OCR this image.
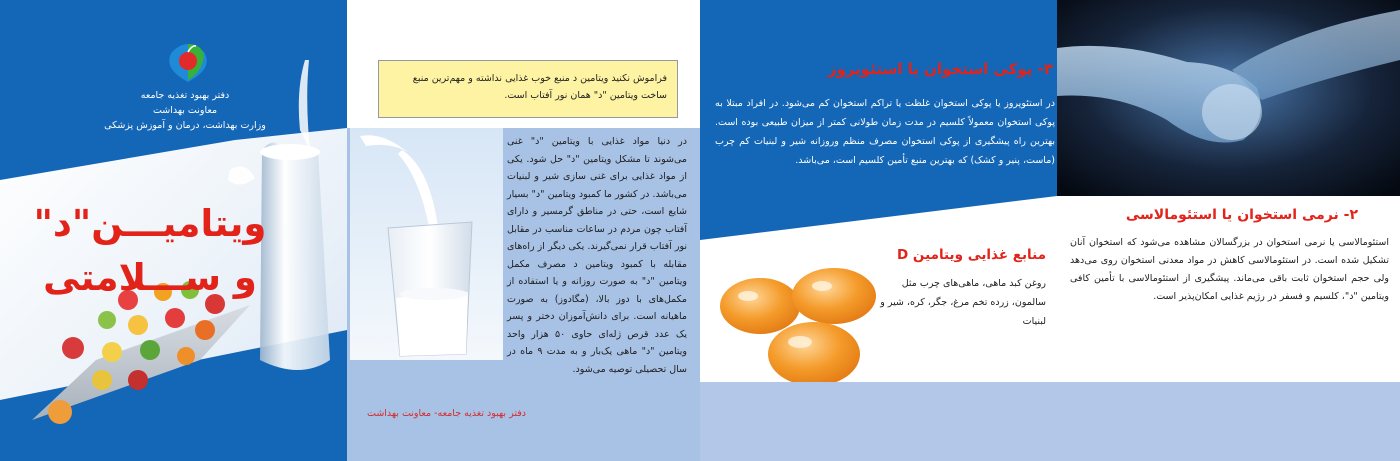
دفتر بهبود تغذیه جامعه
معاونت بهداشت
وزارت بهداشت، درمان و آموزش پزشکی
ویتامیـــن"د"
و ســـلامتی
فراموش نکنید ویتامین د منبع خوب غذایی نداشته و مهم‌ترین منبع ساخت ویتامین "د" همان نور آفتاب است.

در دنیا مواد غذایی با ویتامین "د" غنی می‌شوند تا مشکل ویتامین "د" حل شود. یکی از مواد غذایی برای غنی سازی شیر و لبنیات می‌باشد. در کشور ما کمبود ویتامین "د" بسیار شایع است، حتی در مناطق گرمسیر و دارای آفتاب چون مردم در ساعات مناسب در مقابل نور آفتاب قرار نمی‌گیرند. یکی دیگر از راه‌های مقابله با کمبود ویتامین د مصرف مکمل ویتامین "د" به صورت روزانه و یا استفاده از مکمل‌های با دوز بالا، (مگادوز) به صورت ماهیانه است. برای دانش‌آموزان دختر و پسر یک عدد قرص ژله‌ای حاوی ۵۰ هزار واحد ویتامین "د" ماهی یک‌بار و به مدت ۹ ماه در سال تحصیلی توصیه می‌شود.

دفتر بهبود تغذیه جامعه- معاونت بهداشت
۳- پوکی استخوان یا استئوپروز
در استئوپروز یا پوکی استخوان غلظت یا تراکم استخوان کم می‌شود. در افراد مبتلا به پوکی استخوان معمولاً کلسیم در مدت زمان طولانی کمتر از میزان طبیعی بوده است. بهترین راه پیشگیری از پوکی استخوان مصرف منظم وروزانه شیر و لبنیات کم چرب (ماست، پنیر و کشک) که بهترین منبع تأمین کلسیم است، می‌باشد.
۲- نرمی استخوان یا استئومالاسی
استئومالاسی یا نرمی استخوان در بزرگسالان مشاهده می‌شود که استخوان آنان تشکیل شده است. در استئومالاسی کاهش در مواد معدنی استخوان روی می‌دهد ولی حجم استخوان ثابت باقی می‌ماند. پیشگیری از استئومالاسی با تأمین کافی ویتامین "د"، کلسیم و فسفر در رژیم غذایی امکان‌پذیر است.
منابع غذایی ویتامین D
روغن کبد ماهی، ماهی‌های چرب مثل سالمون، زرده تخم مرغ، جگر، کره، شیر و لبنیات
